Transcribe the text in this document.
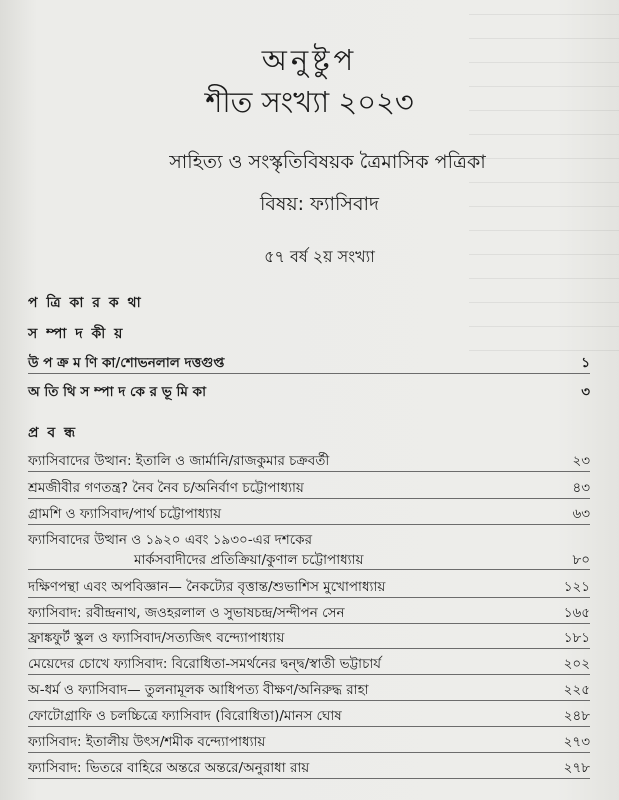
অনুষ্টুপ
শীত সংখ্যা ২০২৩
সাহিত্য ও সংস্কৃতিবিষয়ক ত্রৈমাসিক পত্রিকা
বিষয়: ফ্যাসিবাদ
৫৭ বর্ষ ২য় সংখ্যা
প ত্রি কা র ক থা
স ম্পা দ কী য়
উ প ক্র ম ণি কা/শোভনলাল দত্তগুপ্ত	১
অ তি থি স ম্পা দ কে র ভূ মি কা	৩
প্র ব ন্ধ
ফ্যাসিবাদের উত্থান: ইতালি ও জার্মানি/রাজকুমার চক্রবর্তী	২৩
শ্রমজীবীর গণতন্ত্র? নৈব নৈব চ/অনির্বাণ চট্টোপাধ্যায়	৪৩
গ্রামশি ও ফ্যাসিবাদ/পার্থ চট্টোপাধ্যায়	৬৩
ফ্যাসিবাদের উত্থান ও ১৯২০ এবং ১৯৩০-এর দশকের
মার্কসবাদীদের প্রতিক্রিয়া/কুণাল চট্টোপাধ্যায়	৮০
দক্ষিণপন্থা এবং অপবিজ্ঞান— নৈকট্যের বৃত্তান্ত/শুভাশিস মুখোপাধ্যায়	১২১
ফ্যাসিবাদ: রবীন্দ্রনাথ, জওহরলাল ও সুভাষচন্দ্র/সন্দীপন সেন	১৬৫
ফ্রাঙ্কফুর্ট স্কুল ও ফ্যাসিবাদ/সত্যজিৎ বন্দ্যোপাধ্যায়	১৮১
মেয়েদের চোখে ফ্যাসিবাদ: বিরোধিতা-সমর্থনের দ্বন্দ্ব/স্বাতী ভট্টাচার্য	২০২
অ-ধর্ম ও ফ্যাসিবাদ— তুলনামূলক আধিপত্য বীক্ষণ/অনিরুদ্ধ রাহা	২২৫
ফোটোগ্রাফি ও চলচ্চিত্রে ফ্যাসিবাদ (বিরোধিতা)/মানস ঘোষ	২৪৮
ফ্যাসিবাদ: ইতালীয় উৎস/শমীক বন্দ্যোপাধ্যায়	২৭৩
ফ্যাসিবাদ: ভিতরে বাহিরে অন্তরে অন্তরে/অনুরাধা রায়	২৭৮
